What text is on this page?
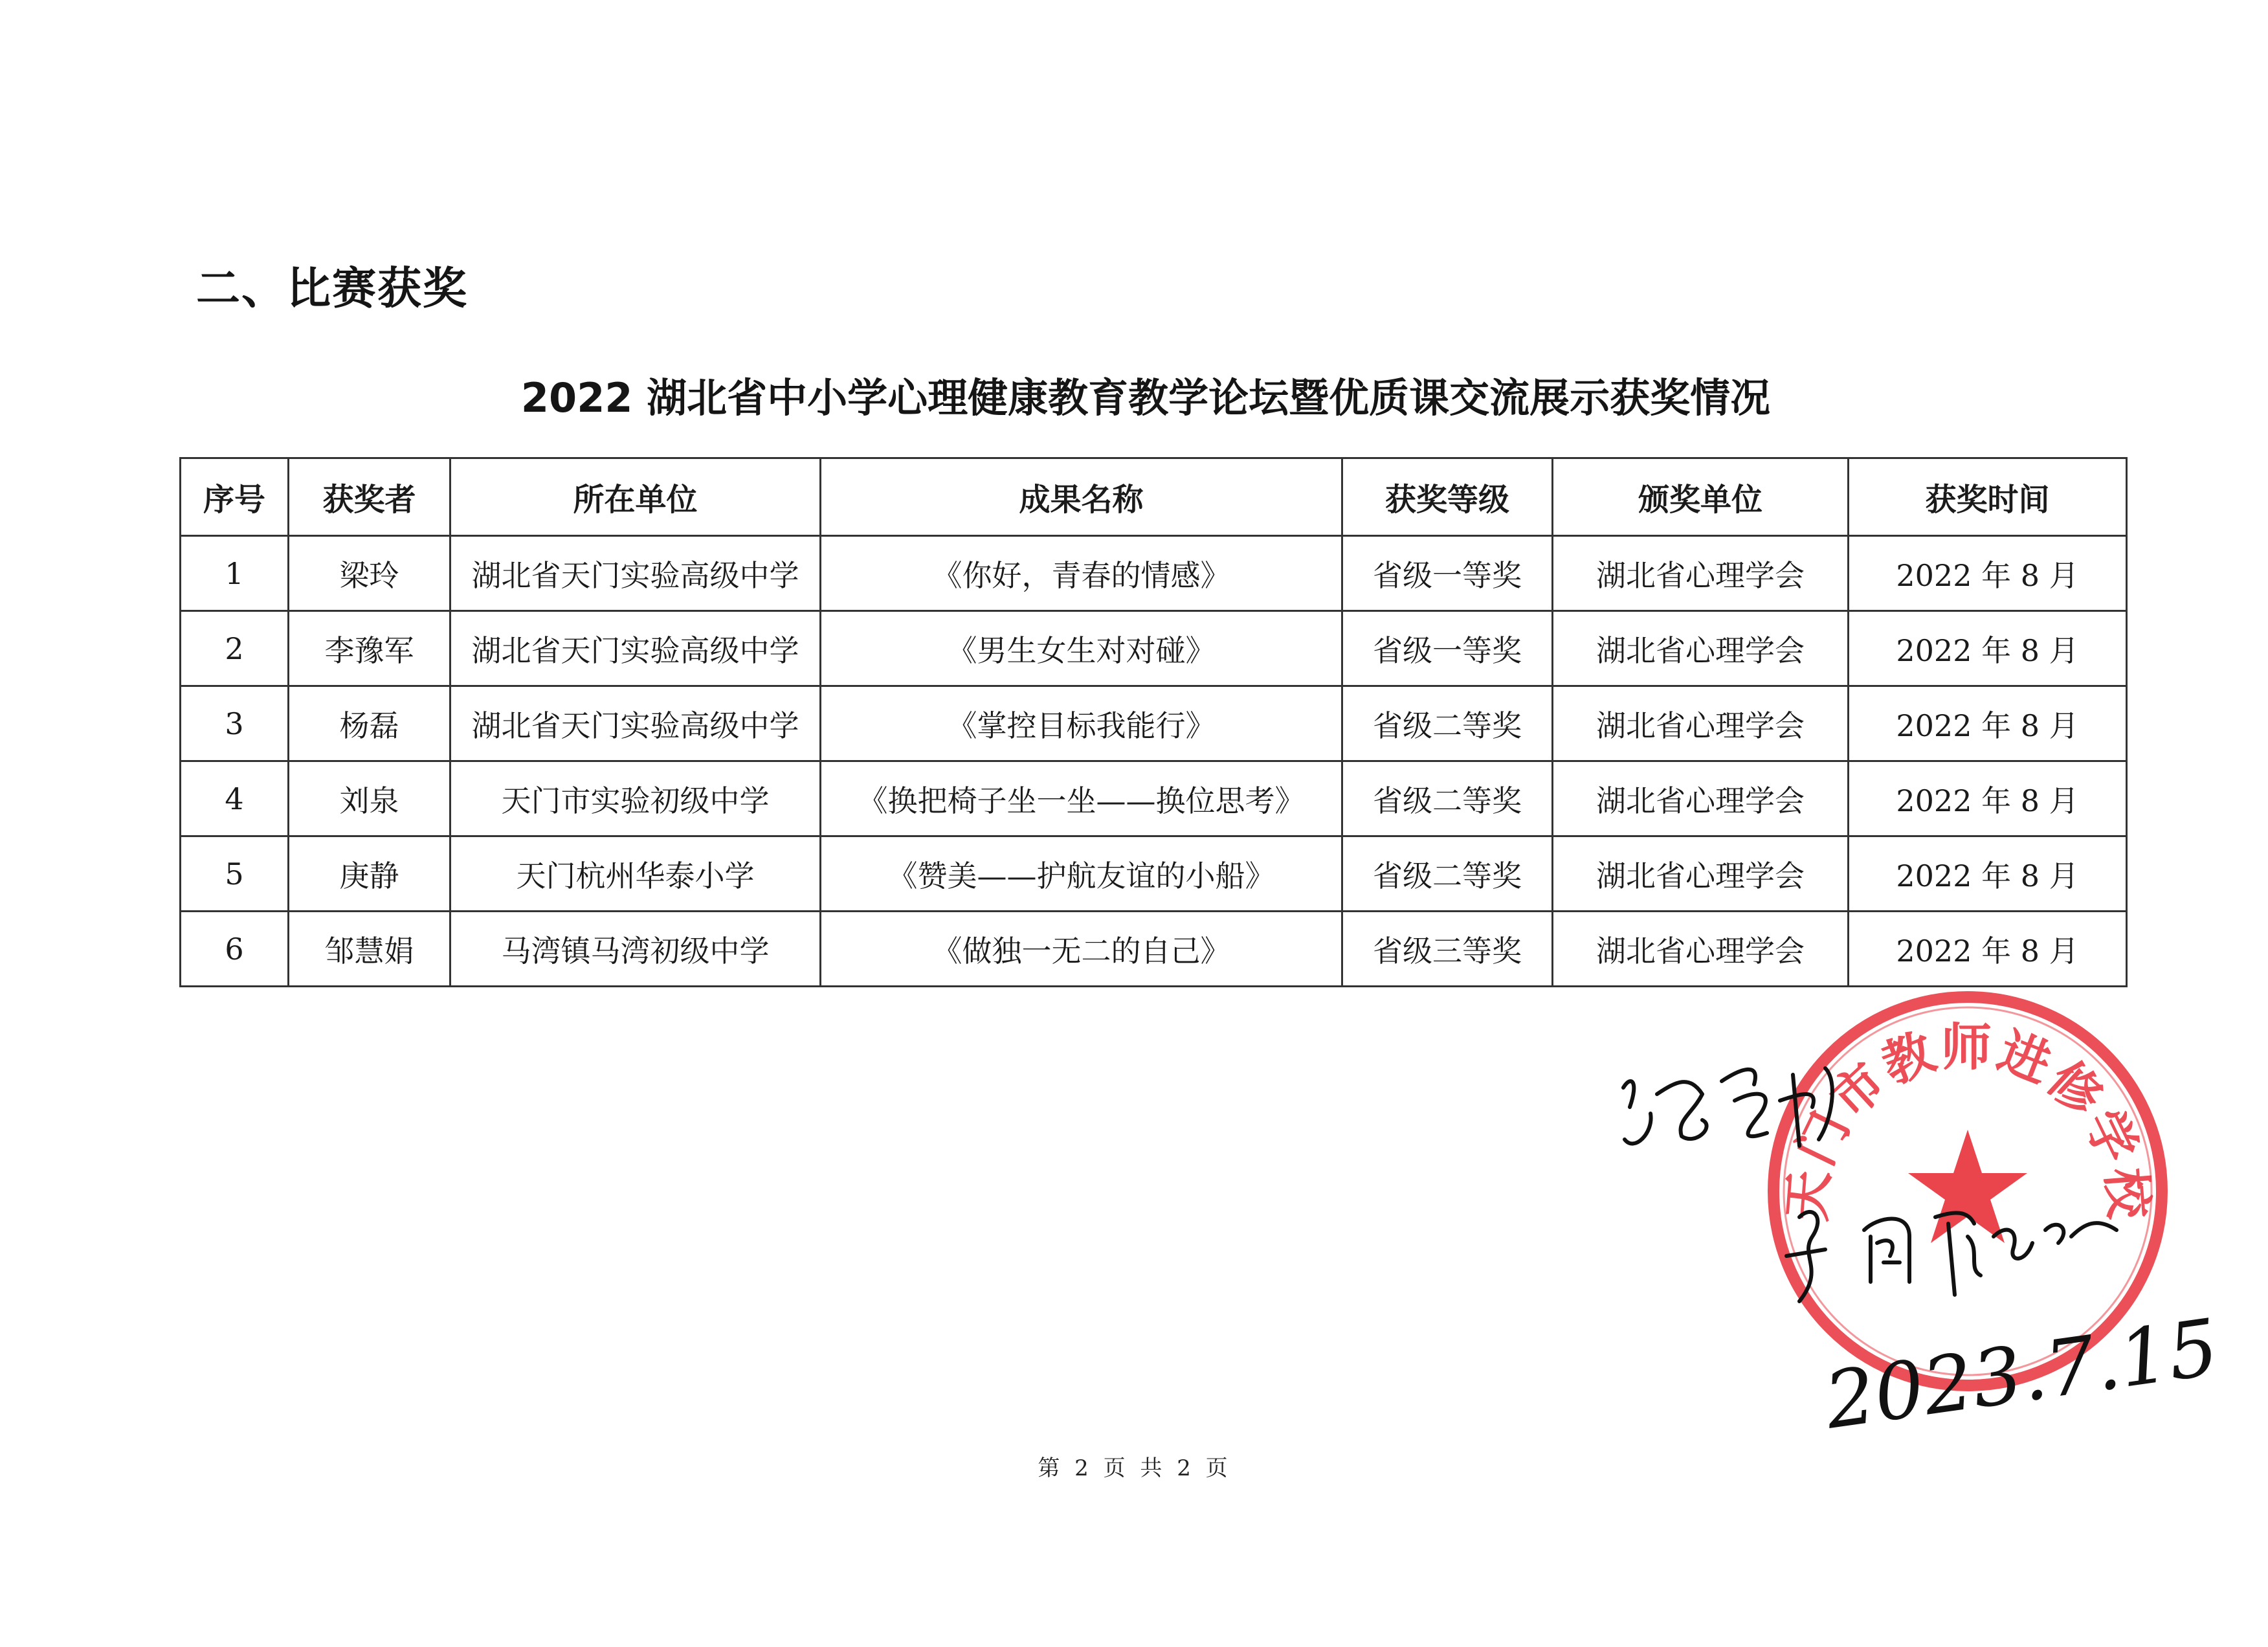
二、比赛获奖
2022 湖北省中小学心理健康教育教学论坛暨优质课交流展示获奖情况
序号	获奖者	所在单位	成果名称	获奖等级	颁奖单位	获奖时间
1	梁玲	湖北省天门实验高级中学	《你好，青春的情感》	省级一等奖	湖北省心理学会	2022 年 8 月
2	李豫军	湖北省天门实验高级中学	《男生女生对对碰》	省级一等奖	湖北省心理学会	2022 年 8 月
3	杨磊	湖北省天门实验高级中学	《掌控目标我能行》	省级二等奖	湖北省心理学会	2022 年 8 月
4	刘泉	天门市实验初级中学	《换把椅子坐一坐——换位思考》	省级二等奖	湖北省心理学会	2022 年 8 月
5	庚静	天门杭州华泰小学	《赞美——护航友谊的小船》	省级二等奖	湖北省心理学会	2022 年 8 月
6	邹慧娟	马湾镇马湾初级中学	《做独一无二的自己》	省级三等奖	湖北省心理学会	2022 年 8 月
天门市教师进修学校
2023.7.15
第 2 页 共 2 页
